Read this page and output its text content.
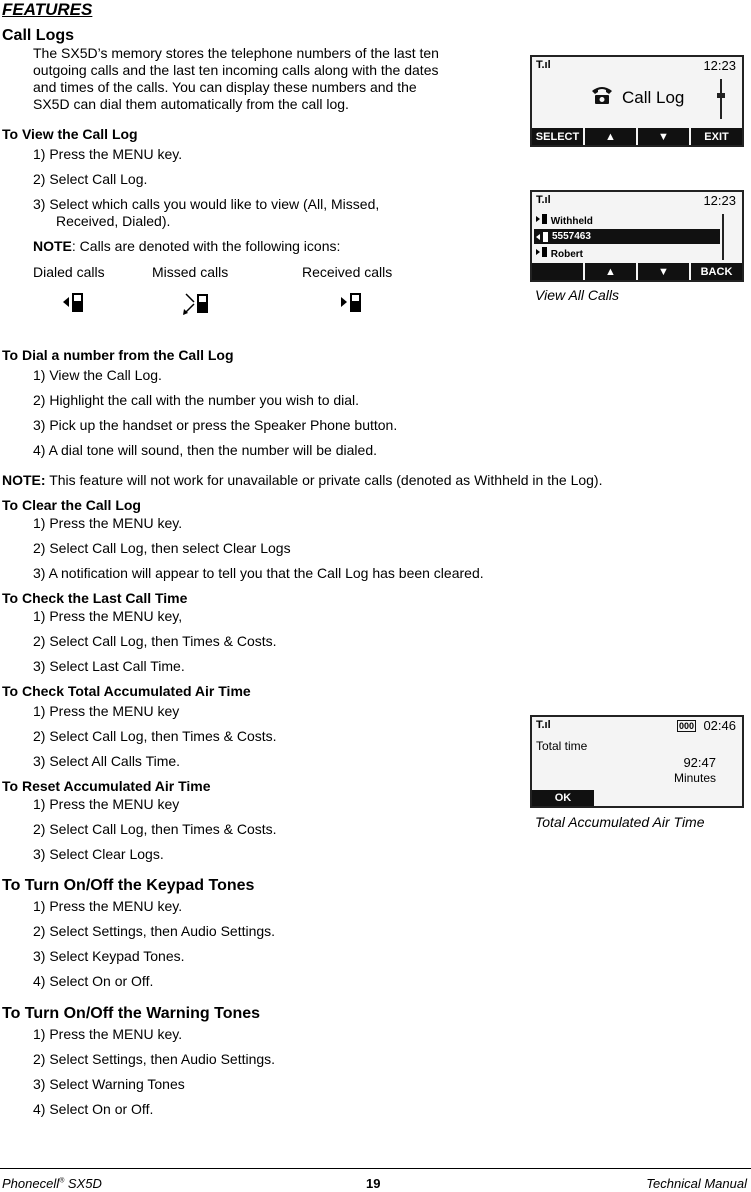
FEATURES
Call Logs
The SX5D’s memory stores the telephone numbers of the last ten
outgoing calls and the last ten incoming calls along with the dates
and times of the calls. You can display these numbers and the
SX5D can dial them automatically from the call log.
To View the Call Log
1) Press the MENU key.
2) Select Call Log.
3) Select which calls you would like to view (All, Missed,
Received, Dialed).
NOTE: Calls are denoted with the following icons:
Dialed calls	Missed calls	Received calls
T.ıl	12:23
Call Log
SELECT	▲	▼	EXIT
T.ıl	12:23
Withheld
5557463
Robert
▲	▼	BACK
View All Calls
To Dial a number from the Call Log
1) View the Call Log.
2) Highlight the call with the number you wish to dial.
3) Pick up the handset or press the Speaker Phone button.
4) A dial tone will sound, then the number will be dialed.
NOTE: This feature will not work for unavailable or private calls (denoted as Withheld in the Log).
To Clear the Call Log
1) Press the MENU key.
2) Select Call Log, then select Clear Logs
3) A notification will appear to tell you that the Call Log has been cleared.
To Check the Last Call Time
1) Press the MENU key,
2) Select Call Log, then Times & Costs.
3) Select Last Call Time.
To Check Total Accumulated Air Time
1) Press the MENU key
2) Select Call Log, then Times & Costs.
3) Select All Calls Time.
T.ıl	000 02:46
Total time
92:47
Minutes
OK
Total Accumulated Air Time
To Reset Accumulated Air Time
1) Press the MENU key
2) Select Call Log, then Times & Costs.
3) Select Clear Logs.
To Turn On/Off the Keypad Tones
1) Press the MENU key.
2) Select Settings, then Audio Settings.
3) Select Keypad Tones.
4) Select On or Off.
To Turn On/Off the Warning Tones
1) Press the MENU key.
2) Select Settings, then Audio Settings.
3) Select Warning Tones
4) Select On or Off.
Phonecell® SX5D	19	Technical Manual
